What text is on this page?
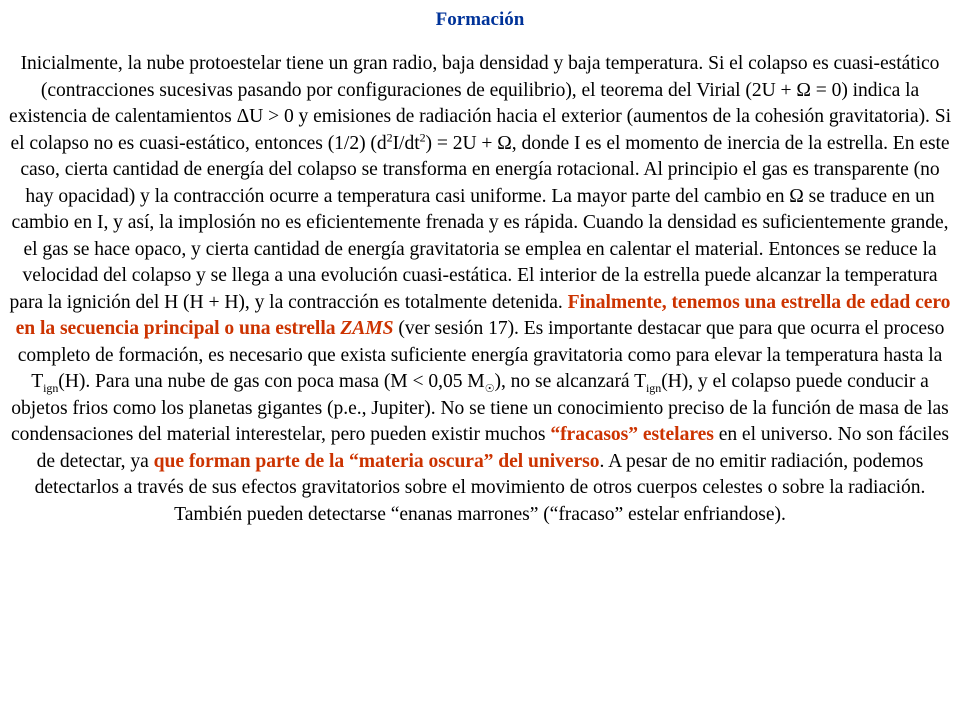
Formación
Inicialmente, la nube protoestelar tiene un gran radio, baja densidad y baja temperatura. Si el colapso es cuasi-estático (contracciones sucesivas pasando por configuraciones de equilibrio), el teorema del Virial (2U + Ω = 0) indica la existencia de calentamientos ΔU > 0 y emisiones de radiación hacia el exterior (aumentos de la cohesión gravitatoria). Si el colapso no es cuasi-estático, entonces (1/2) $(d^2I/dt^2) = 2U + \Omega$, donde I es el momento de inercia de la estrella. En este caso, cierta cantidad de energía del colapso se transforma en energía rotacional. Al principio el gas es transparente (no hay opacidad) y la contracción ocurre a temperatura casi uniforme. La mayor parte del cambio en Ω se traduce en un cambio en I, y así, la implosión no es eficientemente frenada y es rápida. Cuando la densidad es suficientemente grande, el gas se hace opaco, y cierta cantidad de energía gravitatoria se emplea en calentar el material. Entonces se reduce la velocidad del colapso y se llega a una evolución cuasi-estática. El interior de la estrella puede alcanzar la temperatura para la ignición del H (H + H), y la contracción es totalmente detenida. Finalmente, tenemos una estrella de edad cero en la secuencia principal o una estrella ZAMS (ver sesión 17). Es importante destacar que para que ocurra el proceso completo de formación, es necesario que exista suficiente energía gravitatoria como para elevar la temperatura hasta la $T_{ign}(H)$. Para una nube de gas con poca masa (M < 0,05 $M_☉$), no se alcanzará $T_{ign}(H)$, y el colapso puede conducir a objetos frios como los planetas gigantes (p.e., Jupiter). No se tiene un conocimiento preciso de la función de masa de las condensaciones del material interestelar, pero pueden existir muchos “fracasos” estelares en el universo. No son fáciles de detectar, ya que forman parte de la “materia oscura” del universo. A pesar de no emitir radiación, podemos detectarlos a través de sus efectos gravitatorios sobre el movimiento de otros cuerpos celestes o sobre la radiación. También pueden detectarse “enanas marrones” (“fracaso” estelar enfriandose).
